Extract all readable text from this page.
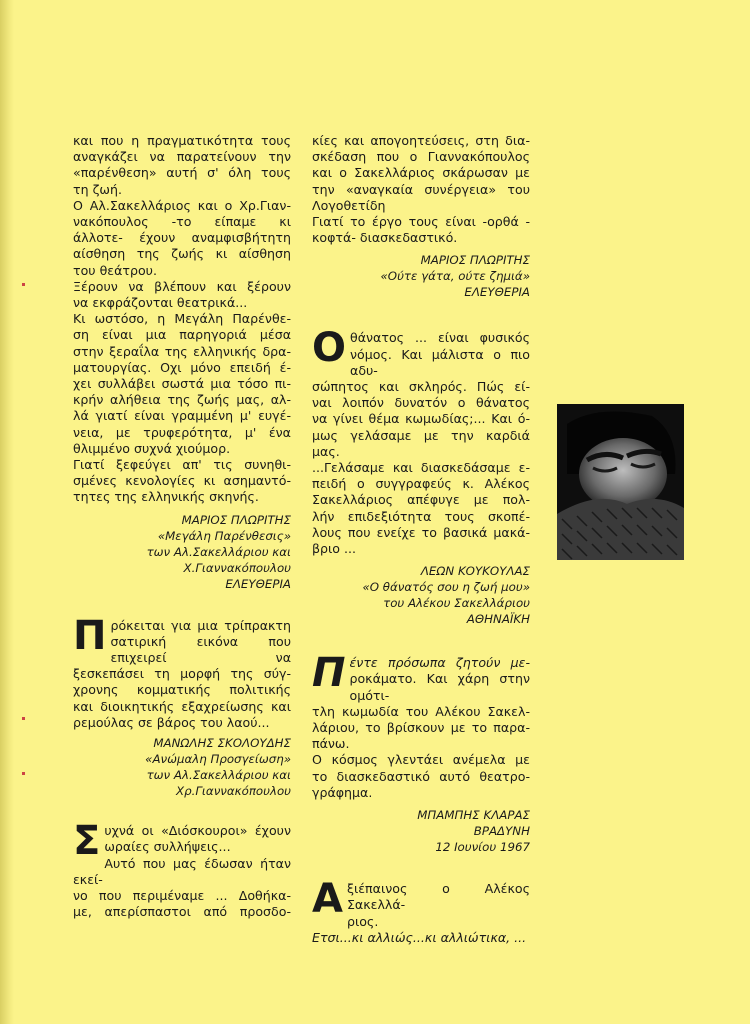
και που η πραγματικότητα τους

αναγκάζει να παρατείνουν την

«παρένθεση» αυτή σ' όλη τους

τη ζωή.

Ο Αλ.Σακελλάριος και ο Χρ.Γιαν-

νακόπουλος -το είπαμε κι

άλλοτε- έχουν αναμφισβήτητη

αίσθηση της ζωής κι αίσθηση

του θεάτρου.

Ξέρουν να βλέπουν και ξέρουν

να εκφράζονται θεατρικά...

Κι ωστόσο, η Μεγάλη Παρένθε-

ση είναι μια παρηγοριά μέσα

στην ξεραΐλα της ελληνικής δρα-

ματουργίας. Οχι μόνο επειδή έ-

χει συλλάβει σωστά μια τόσο πι-

κρήν αλήθεια της ζωής μας, αλ-

λά γιατί είναι γραμμένη μ' ευγέ-

νεια, με τρυφερότητα, μ' ένα

θλιμμένο συχνά χιούμορ.

Γιατί ξεφεύγει απ' τις συνηθι-

σμένες κενολογίες κι ασημαντό-

τητες της ελληνικής σκηνής.

ΜΑΡΙΟΣ ΠΛΩΡΙΤΗΣ
«Μεγάλη Παρένθεσις»
των Αλ.Σακελλάριου και
Χ.Γιαννακόπουλου
ΕΛΕΥΘΕΡΙΑ
Π ρόκειται για μια τρίπρακτη

σατιρική εικόνα που επιχειρεί να

ξεσκεπάσει τη μορφή της σύγ-

χρονης κομματικής πολιτικής

και διοικητικής εξαχρείωσης και

ρεμούλας σε βάρος του λαού...

ΜΑΝΩΛΗΣ ΣΚΟΛΟΥΔΗΣ
«Ανώμαλη Προσγείωση»
των Αλ.Σακελλάριου και
Χρ.Γιαννακόπουλου
Σ υχνά οι «Διόσκουροι» έχουν

ωραίες συλλήψεις...

Αυτό που μας έδωσαν ήταν εκεί-

νο που περιμέναμε ... Δοθήκα-

με, απερίσπαστοι από προσδο-

κίες και απογοητεύσεις, στη δια-

σκέδαση που ο Γιαννακόπουλος

και ο Σακελλάριος σκάρωσαν με

την «αναγκαία συνέργεια» του

Λογοθετίδη

Γιατί το έργο τους είναι -ορθά -

κοφτά- διασκεδαστικό.

ΜΑΡΙΟΣ ΠΛΩΡΙΤΗΣ
«Ούτε γάτα, ούτε ζημιά»
ΕΛΕΥΘΕΡΙΑ
Ο θάνατος ... είναι φυσικός

νόμος. Και μάλιστα ο πιο αδυ-

σώπητος και σκληρός. Πώς εί-

ναι λοιπόν δυνατόν ο θάνατος

να γίνει θέμα κωμωδίας;... Και ό-

μως γελάσαμε με την καρδιά

μας.

...Γελάσαμε και διασκεδάσαμε ε-

πειδή ο συγγραφεύς κ. Αλέκος

Σακελλάριος απέφυγε με πολ-

λήν επιδεξιότητα τους σκοπέ-

λους που ενείχε το βασικά μακά-

βριο ...

ΛΕΩΝ ΚΟΥΚΟΥΛΑΣ
«Ο θάνατός σου η ζωή μου»
του Αλέκου Σακελλάριου
ΑΘΗΝΑΪΚΗ
Π έντε πρόσωπα ζητούν με-

ροκάματο. Και χάρη στην ομότι-

τλη κωμωδία του Αλέκου Σακελ-

λάριου, το βρίσκουν με το παρα-

πάνω.

Ο κόσμος γλεντάει ανέμελα με

το διασκεδαστικό αυτό θεατρο-

γράφημα.

ΜΠΑΜΠΗΣ ΚΛΑΡΑΣ
ΒΡΑΔΥΝΗ
12 Ιουνίου 1967
Α ξιέπαινος ο Αλέκος Σακελλά-

ριος.

Ετσι...κι αλλιώς...κι αλλιώτικα, ...
